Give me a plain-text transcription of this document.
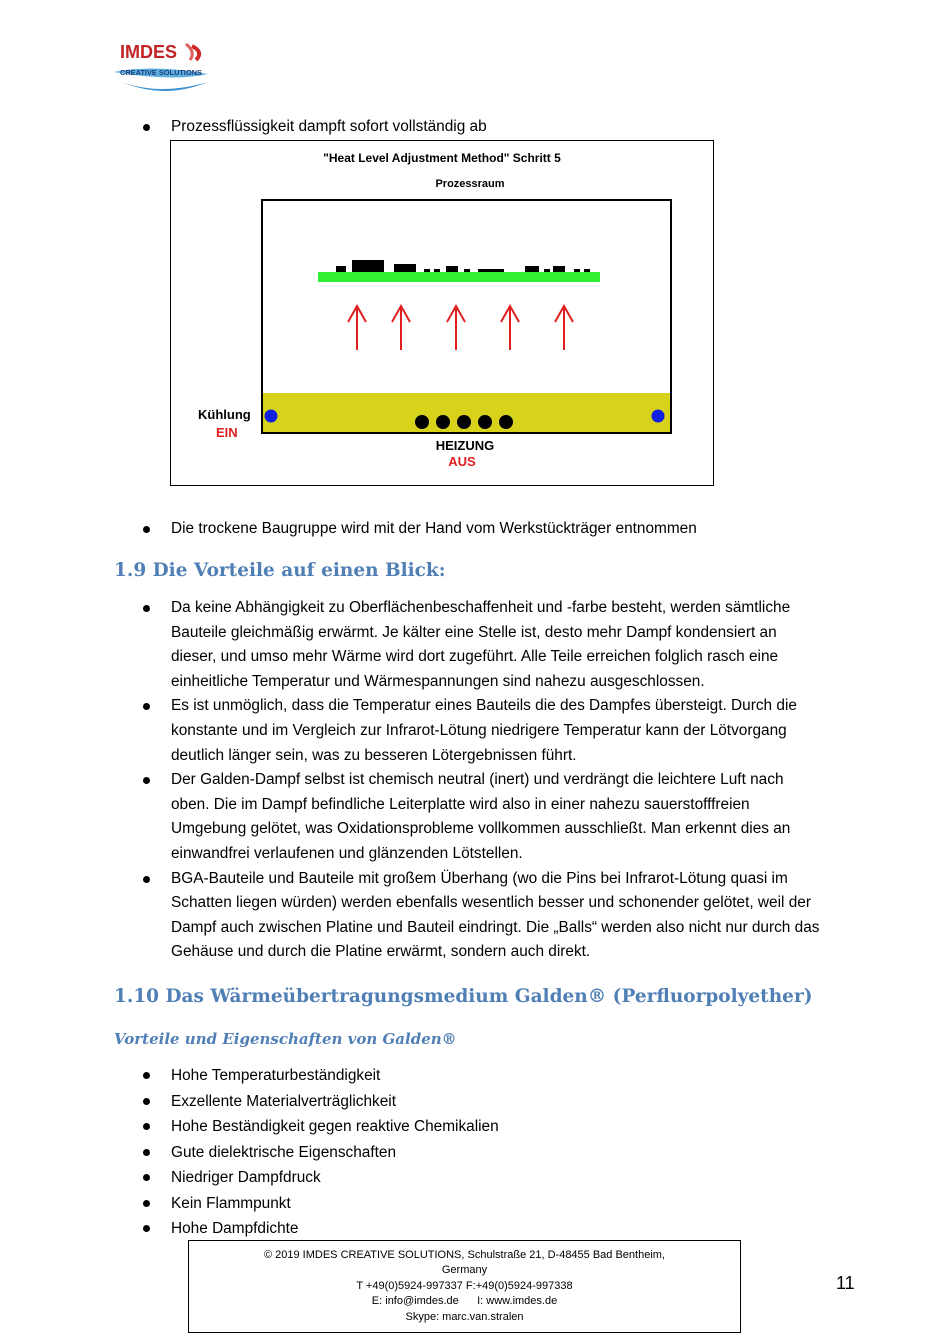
IMDES
CREATIVE SOLUTIONS
Prozessflüssigkeit dampft sofort vollständig ab
"Heat Level Adjustment Method" Schritt 5
Prozessraum
Kühlung
EIN
HEIZUNG
AUS
Die trockene Baugruppe wird mit der Hand vom Werkstückträger entnommen
1.9 Die Vorteile auf einen Blick:
Da keine Abhängigkeit zu Oberflächenbeschaffenheit und -farbe besteht, werden sämtliche Bauteile gleichmäßig erwärmt. Je kälter eine Stelle ist, desto mehr Dampf kondensiert an dieser, und umso mehr Wärme wird dort zugeführt. Alle Teile erreichen folglich rasch eine einheitliche Temperatur und Wärmespannungen sind nahezu ausgeschlossen.
Es ist unmöglich, dass die Temperatur eines Bauteils die des Dampfes übersteigt. Durch die konstante und im Vergleich zur Infrarot-Lötung niedrigere Temperatur kann der Lötvorgang deutlich länger sein, was zu besseren Lötergebnissen führt.
Der Galden-Dampf selbst ist chemisch neutral (inert) und verdrängt die leichtere Luft nach oben. Die im Dampf befindliche Leiterplatte wird also in einer nahezu sauerstofffreien Umgebung gelötet, was Oxidationsprobleme vollkommen ausschließt. Man erkennt dies an einwandfrei verlaufenen und glänzenden Lötstellen.
BGA-Bauteile und Bauteile mit großem Überhang (wo die Pins bei Infrarot-Lötung quasi im Schatten liegen würden) werden ebenfalls wesentlich besser und schonender gelötet, weil der Dampf auch zwischen Platine und Bauteil eindringt. Die „Balls“ werden also nicht nur durch das Gehäuse und durch die Platine erwärmt, sondern auch direkt.
1.10 Das Wärmeübertragungsmedium Galden® (Perfluorpolyether)
Vorteile und Eigenschaften von Galden®
Hohe Temperaturbeständigkeit
Exzellente Materialverträglichkeit
Hohe Beständigkeit gegen reaktive Chemikalien
Gute dielektrische Eigenschaften
Niedriger Dampfdruck
Kein Flammpunkt
Hohe Dampfdichte
© 2019 IMDES CREATIVE SOLUTIONS, Schulstraße 21, D-48455 Bad Bentheim,
Germany
T +49(0)5924-997337 F:+49(0)5924-997338
E: info@imdes.de      I: www.imdes.de
Skype: marc.van.stralen
11
